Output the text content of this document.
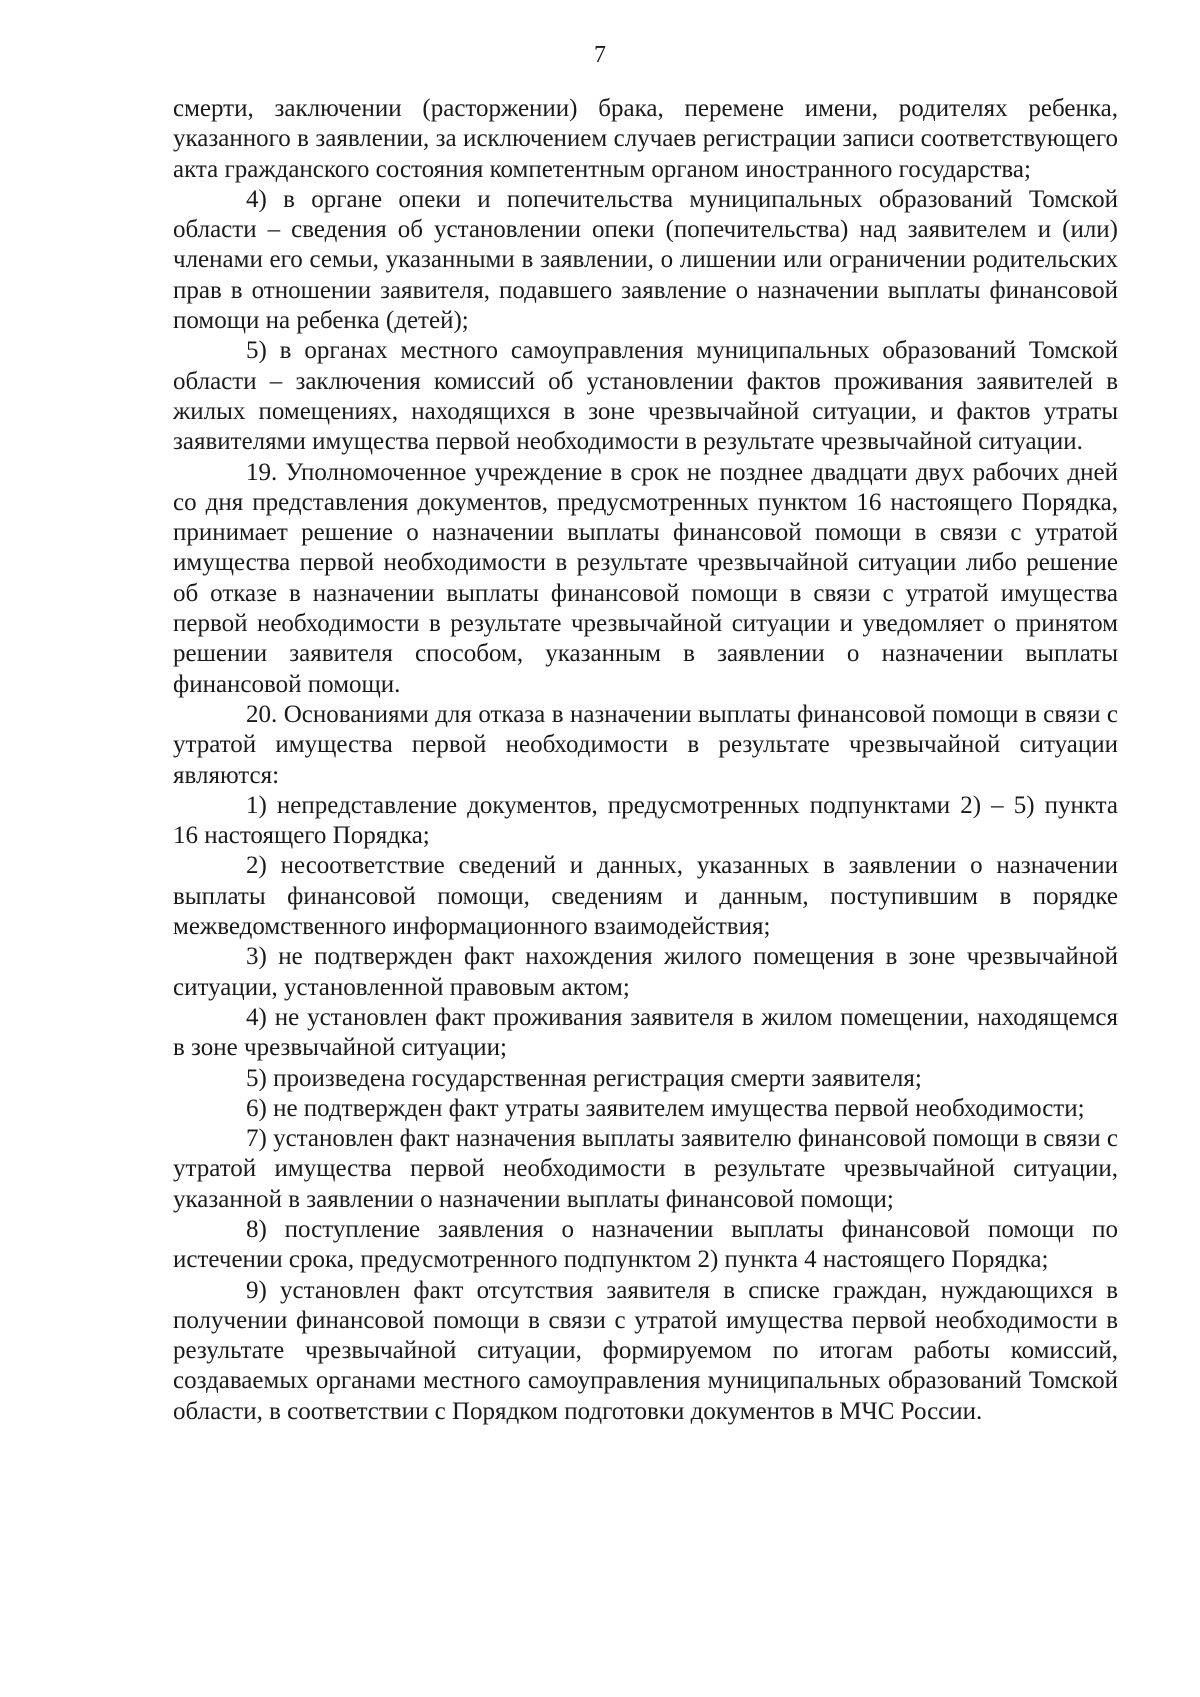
7

смерти, заключении (расторжении) брака, перемене имени, родителях ребенка, указанного в заявлении, за исключением случаев регистрации записи соответствующего акта гражданского состояния компетентным органом иностранного государства;

4) в органе опеки и попечительства муниципальных образований Томской области – сведения об установлении опеки (попечительства) над заявителем и (или) членами его семьи, указанными в заявлении, о лишении или ограничении родительских прав в отношении заявителя, подавшего заявление о назначении выплаты финансовой помощи на ребенка (детей);

5) в органах местного самоуправления муниципальных образований Томской области – заключения комиссий об установлении фактов проживания заявителей в жилых помещениях, находящихся в зоне чрезвычайной ситуации, и фактов утраты заявителями имущества первой необходимости в результате чрезвычайной ситуации.

19. Уполномоченное учреждение в срок не позднее двадцати двух рабочих дней со дня представления документов, предусмотренных пунктом 16 настоящего Порядка, принимает решение о назначении выплаты финансовой помощи в связи с утратой имущества первой необходимости в результате чрезвычайной ситуации либо решение об отказе в назначении выплаты финансовой помощи в связи с утратой имущества первой необходимости в результате чрезвычайной ситуации и уведомляет о принятом решении заявителя способом, указанным в заявлении о назначении выплаты финансовой помощи.

20. Основаниями для отказа в назначении выплаты финансовой помощи в связи с утратой имущества первой необходимости в результате чрезвычайной ситуации являются:

1) непредставление документов, предусмотренных подпунктами 2) – 5) пункта 16 настоящего Порядка;

2) несоответствие сведений и данных, указанных в заявлении о назначении выплаты финансовой помощи, сведениям и данным, поступившим в порядке межведомственного информационного взаимодействия;

3) не подтвержден факт нахождения жилого помещения в зоне чрезвычайной ситуации, установленной правовым актом;

4) не установлен факт проживания заявителя в жилом помещении, находящемся в зоне чрезвычайной ситуации;

5) произведена государственная регистрация смерти заявителя;

6) не подтвержден факт утраты заявителем имущества первой необходимости;

7) установлен факт назначения выплаты заявителю финансовой помощи в связи с утратой имущества первой необходимости в результате чрезвычайной ситуации, указанной в заявлении о назначении выплаты финансовой помощи;

8) поступление заявления о назначении выплаты финансовой помощи по истечении срока, предусмотренного подпунктом 2) пункта 4 настоящего Порядка;

9) установлен факт отсутствия заявителя в списке граждан, нуждающихся в получении финансовой помощи в связи с утратой имущества первой необходимости в результате чрезвычайной ситуации, формируемом по итогам работы комиссий, создаваемых органами местного самоуправления муниципальных образований Томской области, в соответствии с Порядком подготовки документов в МЧС России.
